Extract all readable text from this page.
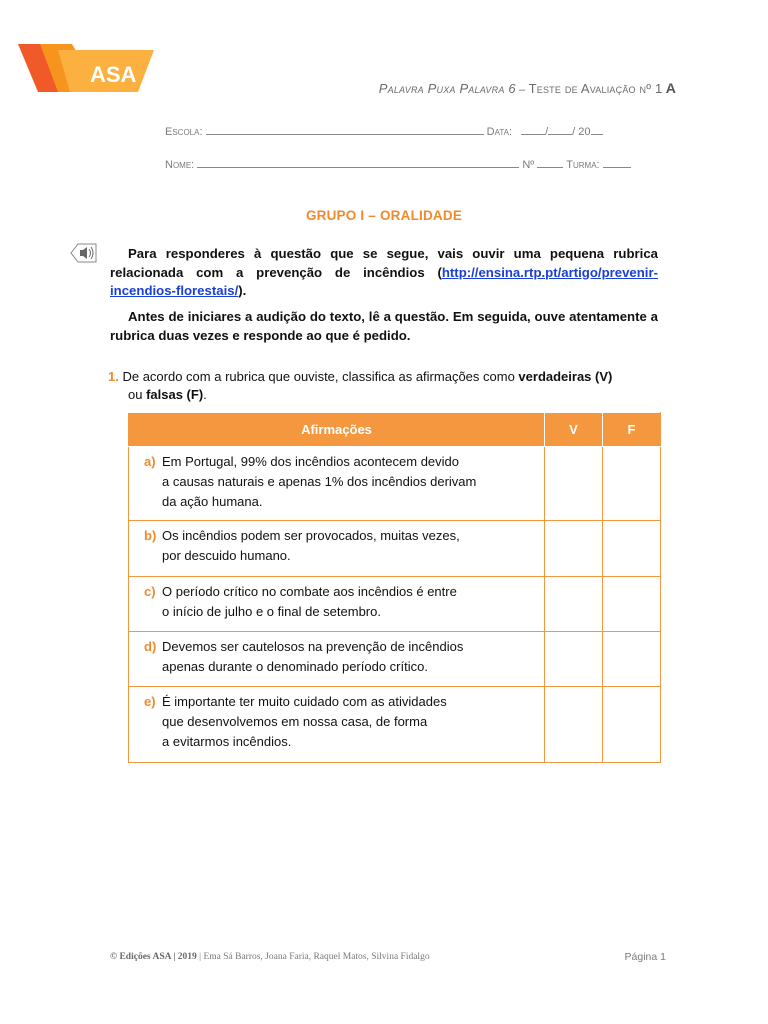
ASA
Palavra Puxa Palavra 6 – Teste de Avaliação nº 1 A
Escola:	Data:	/ / 20
Nome:	Nº	Turma:
GRUPO I – ORALIDADE
Para responderes à questão que se segue, vais ouvir uma pequena rubrica relacionada com a prevenção de incêndios (http://ensina.rtp.pt/artigo/prevenir-incendios-florestais/).
Antes de iniciares a audição do texto, lê a questão. Em seguida, ouve atentamente a rubrica duas vezes e responde ao que é pedido.
1. De acordo com a rubrica que ouviste, classifica as afirmações como verdadeiras (V)
ou falsas (F).
Afirmações	V	F
a) Em Portugal, 99% dos incêndios acontecem devido
a causas naturais e apenas 1% dos incêndios derivam
da ação humana.		

b) Os incêndios podem ser provocados, muitas vezes,
por descuido humano.		

c) O período crítico no combate aos incêndios é entre
o início de julho e o final de setembro.		

d) Devemos ser cautelosos na prevenção de incêndios
apenas durante o denominado período crítico.		

e) É importante ter muito cuidado com as atividades
que desenvolvemos em nossa casa, de forma
a evitarmos incêndios.		

© Edições ASA | 2019 | Ema Sá Barros, Joana Faria, Raquel Matos, Silvina Fidalgo	Página 1
